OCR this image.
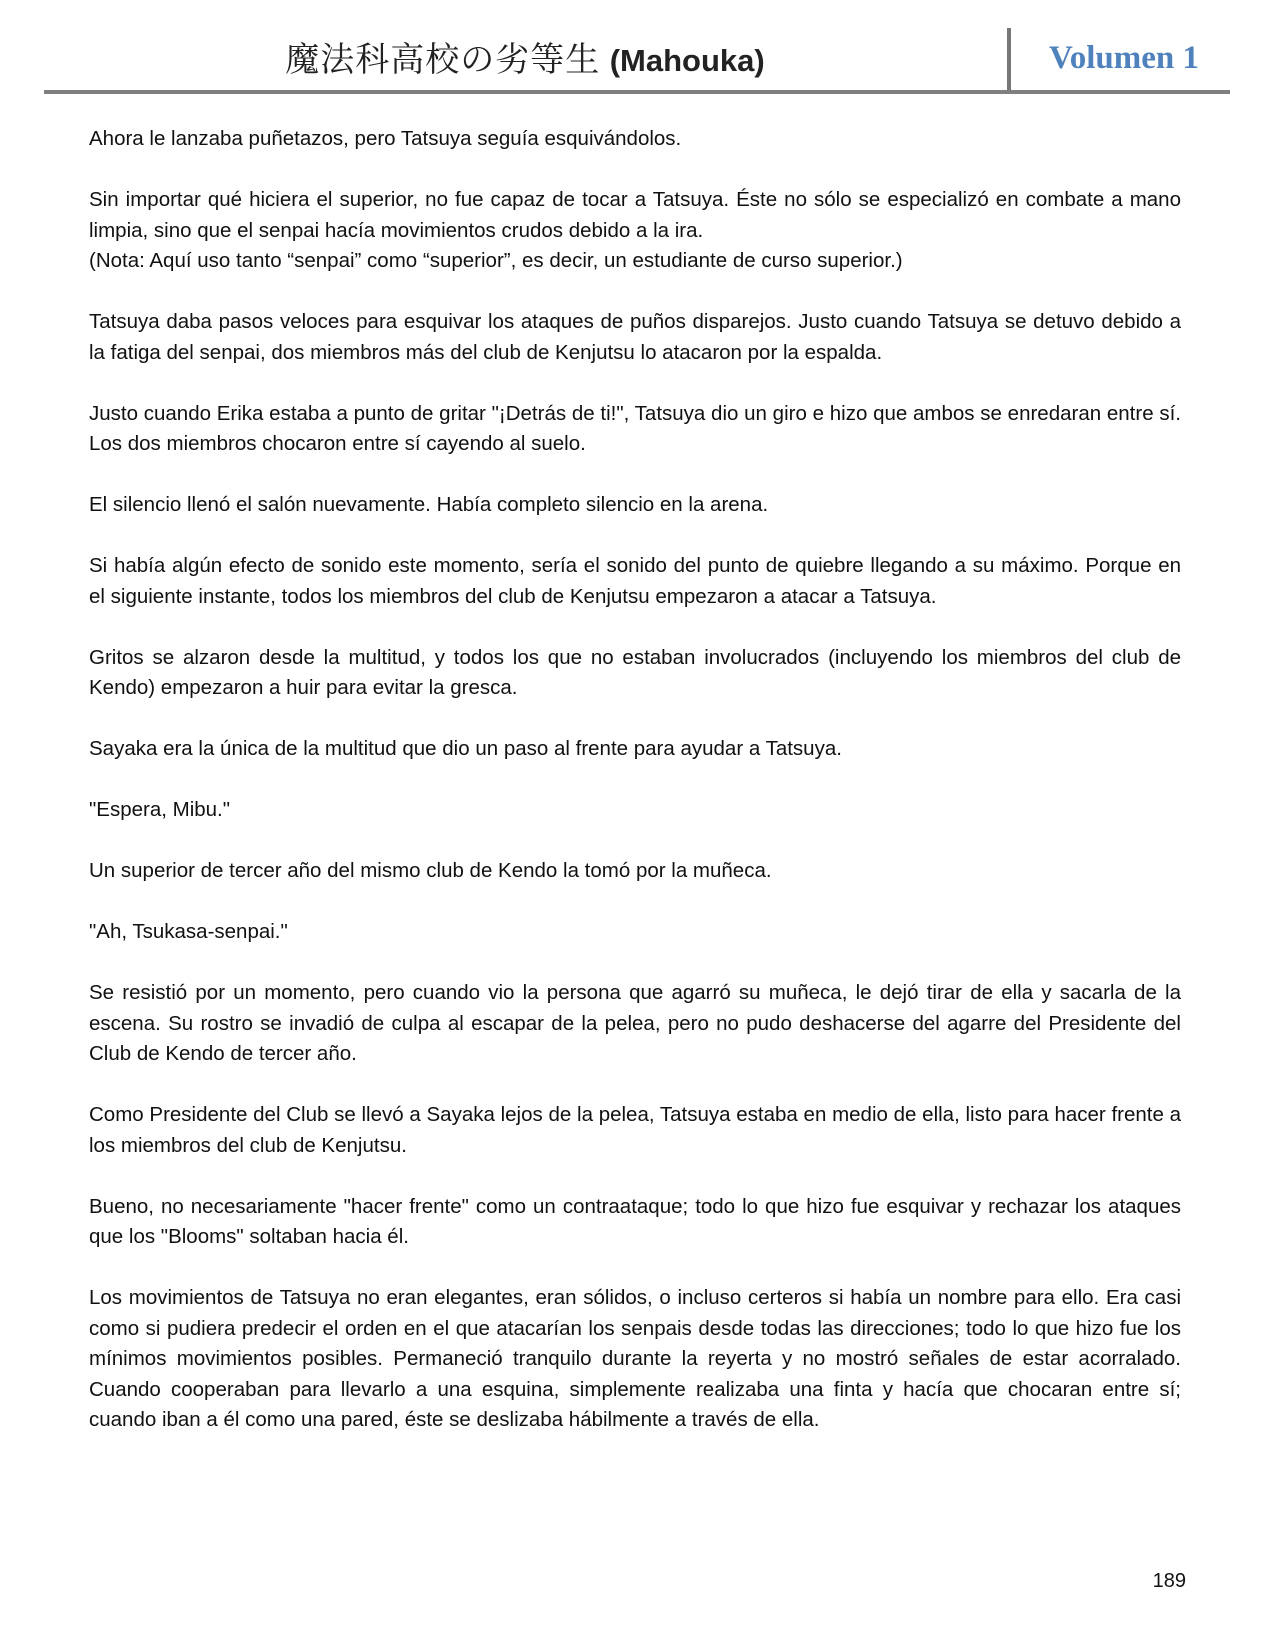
魔法科高校の劣等生 (Mahouka)	Volumen 1

Ahora le lanzaba puñetazos, pero Tatsuya seguía esquivándolos.

Sin importar qué hiciera el superior, no fue capaz de tocar a Tatsuya. Éste no sólo se especializó en combate a mano limpia, sino que el senpai hacía movimientos crudos debido a la ira.
(Nota: Aquí uso tanto “senpai” como “superior”, es decir, un estudiante de curso superior.)

Tatsuya daba pasos veloces para esquivar los ataques de puños disparejos. Justo cuando Tatsuya se detuvo debido a la fatiga del senpai, dos miembros más del club de Kenjutsu lo atacaron por la espalda.

Justo cuando Erika estaba a punto de gritar "¡Detrás de ti!", Tatsuya dio un giro e hizo que ambos se enredaran entre sí. Los dos miembros chocaron entre sí cayendo al suelo.

El silencio llenó el salón nuevamente. Había completo silencio en la arena.

Si había algún efecto de sonido este momento, sería el sonido del punto de quiebre llegando a su máximo. Porque en el siguiente instante, todos los miembros del club de Kenjutsu empezaron a atacar a Tatsuya.

Gritos se alzaron desde la multitud, y todos los que no estaban involucrados (incluyendo los miembros del club de Kendo) empezaron a huir para evitar la gresca.

Sayaka era la única de la multitud que dio un paso al frente para ayudar a Tatsuya.

"Espera, Mibu."

Un superior de tercer año del mismo club de Kendo la tomó por la muñeca.

"Ah, Tsukasa-senpai."

Se resistió por un momento, pero cuando vio la persona que agarró su muñeca, le dejó tirar de ella y sacarla de la escena. Su rostro se invadió de culpa al escapar de la pelea, pero no pudo deshacerse del agarre del Presidente del Club de Kendo de tercer año.

Como Presidente del Club se llevó a Sayaka lejos de la pelea, Tatsuya estaba en medio de ella, listo para hacer frente a los miembros del club de Kenjutsu.

Bueno, no necesariamente "hacer frente" como un contraataque; todo lo que hizo fue esquivar y rechazar los ataques que los "Blooms" soltaban hacia él.

Los movimientos de Tatsuya no eran elegantes, eran sólidos, o incluso certeros si había un nombre para ello. Era casi como si pudiera predecir el orden en el que atacarían los senpais desde todas las direcciones; todo lo que hizo fue los mínimos movimientos posibles. Permaneció tranquilo durante la reyerta y no mostró señales de estar acorralado. Cuando cooperaban para llevarlo a una esquina, simplemente realizaba una finta y hacía que chocaran entre sí; cuando iban a él como una pared, éste se deslizaba hábilmente a través de ella.

189
